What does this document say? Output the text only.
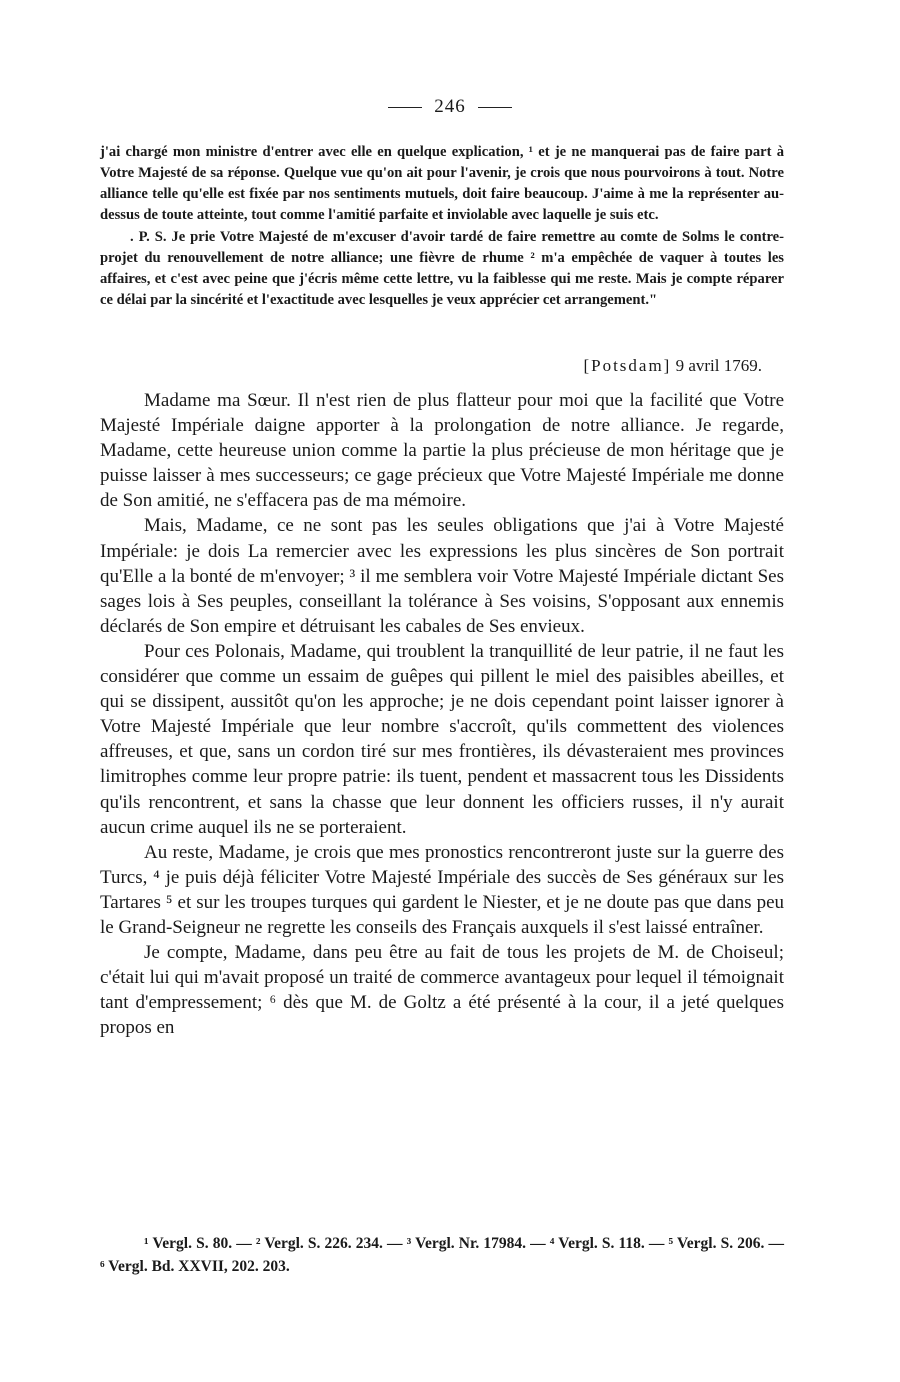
246

j'ai chargé mon ministre d'entrer avec elle en quelque explication, ¹ et je ne manquerai pas de faire part à Votre Majesté de sa réponse. Quelque vue qu'on ait pour l'avenir, je crois que nous pourvoirons à tout. Notre alliance telle qu'elle est fixée par nos sentiments mutuels, doit faire beaucoup. J'aime à me la représenter au-dessus de toute atteinte, tout comme l'amitié parfaite et inviolable avec laquelle je suis etc.

. P. S. Je prie Votre Majesté de m'excuser d'avoir tardé de faire remettre au comte de Solms le contre-projet du renouvellement de notre alliance; une fièvre de rhume ² m'a empêchée de vaquer à toutes les affaires, et c'est avec peine que j'écris même cette lettre, vu la faiblesse qui me reste. Mais je compte réparer ce délai par la sincérité et l'exactitude avec lesquelles je veux apprécier cet arrangement."

[Potsdam] 9 avril 1769.

Madame ma Sœur. Il n'est rien de plus flatteur pour moi que la facilité que Votre Majesté Impériale daigne apporter à la prolongation de notre alliance. Je regarde, Madame, cette heureuse union comme la partie la plus précieuse de mon héritage que je puisse laisser à mes successeurs; ce gage précieux que Votre Majesté Impériale me donne de Son amitié, ne s'effacera pas de ma mémoire.

Mais, Madame, ce ne sont pas les seules obligations que j'ai à Votre Majesté Impériale: je dois La remercier avec les expressions les plus sincères de Son portrait qu'Elle a la bonté de m'envoyer; ³ il me semblera voir Votre Majesté Impériale dictant Ses sages lois à Ses peuples, conseillant la tolérance à Ses voisins, S'opposant aux ennemis déclarés de Son empire et détruisant les cabales de Ses envieux.

Pour ces Polonais, Madame, qui troublent la tranquillité de leur patrie, il ne faut les considérer que comme un essaim de guêpes qui pillent le miel des paisibles abeilles, et qui se dissipent, aussitôt qu'on les approche; je ne dois cependant point laisser ignorer à Votre Majesté Impériale que leur nombre s'accroît, qu'ils commettent des violences affreuses, et que, sans un cordon tiré sur mes frontières, ils dévasteraient mes provinces limitrophes comme leur propre patrie: ils tuent, pendent et massacrent tous les Dissidents qu'ils rencontrent, et sans la chasse que leur donnent les officiers russes, il n'y aurait aucun crime auquel ils ne se porteraient.

Au reste, Madame, je crois que mes pronostics rencontreront juste sur la guerre des Turcs, ⁴ je puis déjà féliciter Votre Majesté Impériale des succès de Ses généraux sur les Tartares ⁵ et sur les troupes turques qui gardent le Niester, et je ne doute pas que dans peu le Grand-Seigneur ne regrette les conseils des Français auxquels il s'est laissé entraîner.

Je compte, Madame, dans peu être au fait de tous les projets de M. de Choiseul; c'était lui qui m'avait proposé un traité de commerce avantageux pour lequel il témoignait tant d'empressement; ⁶ dès que M. de Goltz a été présenté à la cour, il a jeté quelques propos en

¹ Vergl. S. 80. — ² Vergl. S. 226. 234. — ³ Vergl. Nr. 17984. — ⁴ Vergl. S. 118. — ⁵ Vergl. S. 206. — ⁶ Vergl. Bd. XXVII, 202. 203.
